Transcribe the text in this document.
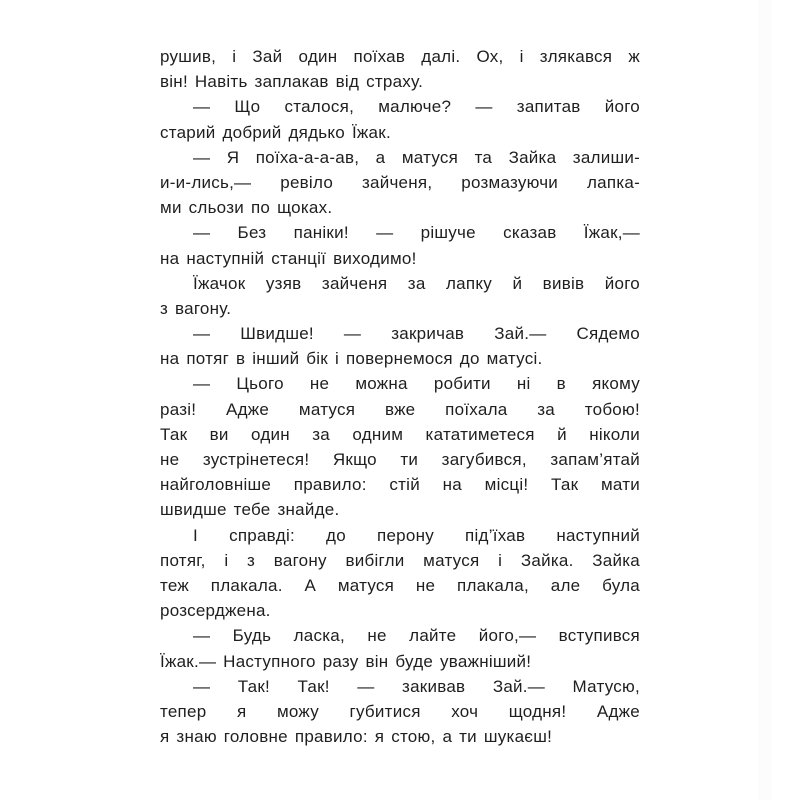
рушив, і Зай один поїхав далі. Ох, і злякався ж
він! Навіть заплакав від страху.
— Що сталося, малюче? — запитав його
старий добрий дядько Їжак.
— Я поїха-а-а-ав, а матуся та Зайка залиши-
и-и-лись,— ревіло зайченя, розмазуючи лапка-
ми сльози по щоках.
— Без паніки! — рішуче сказав Їжак,—
на наступній станції виходимо!
Їжачок узяв зайченя за лапку й вивів його
з вагону.
— Швидше! — закричав Зай.— Сядемо
на потяг в інший бік і повернемося до матусі.
— Цього не можна робити ні в якому
разі! Адже матуся вже поїхала за тобою!
Так ви один за одним кататиметеся й ніколи
не зустрінетеся! Якщо ти загубився, запам’ятай
найголовніше правило: стій на місці! Так мати
швидше тебе знайде.
І справді: до перону під’їхав наступний
потяг, і з вагону вибігли матуся і Зайка. Зайка
теж плакала. А матуся не плакала, але була
розсерджена.
— Будь ласка, не лайте його,— вступився
Їжак.— Наступного разу він буде уважніший!
— Так! Так! — закивав Зай.— Матусю,
тепер я можу губитися хоч щодня! Адже
я знаю головне правило: я стою, а ти шукаєш!
